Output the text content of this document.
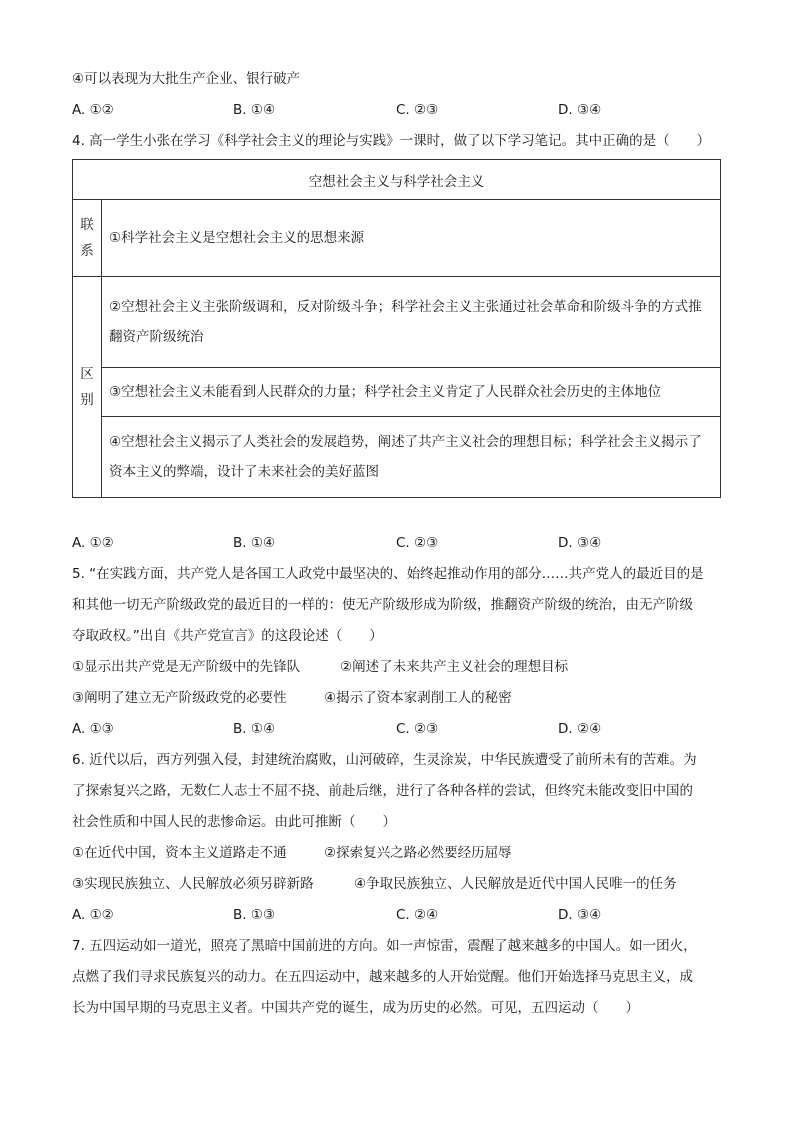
④可以表现为大批生产企业、银行破产
A. ①②	B. ①④	C. ②③	D. ③④
4. 高一学生小张在学习《科学社会主义的理论与实践》一课时，做了以下学习笔记。其中正确的是（　　）
空想社会主义与科学社会主义	
联系	①科学社会主义是空想社会主义的思想来源
区别	②空想社会主义主张阶级调和，反对阶级斗争；科学社会主义主张通过社会革命和阶级斗争的方式推翻资产阶级统治
	③空想社会主义未能看到人民群众的力量；科学社会主义肯定了人民群众社会历史的主体地位
	④空想社会主义揭示了人类社会的发展趋势，阐述了共产主义社会的理想目标；科学社会主义揭示了资本主义的弊端，设计了未来社会的美好蓝图
A. ①②	B. ①④	C. ②③	D. ③④
5. “在实践方面，共产党人是各国工人政党中最坚决的、始终起推动作用的部分……共产党人的最近目的是
和其他一切无产阶级政党的最近目的一样的：使无产阶级形成为阶级，推翻资产阶级的统治，由无产阶级
夺取政权。”出自《共产党宣言》的这段论述（　　）
①显示出共产党是无产阶级中的先锋队	②阐述了未来共产主义社会的理想目标
③阐明了建立无产阶级政党的必要性	④揭示了资本家剥削工人的秘密
A. ①③	B. ①④	C. ②③	D. ②④
6. 近代以后，西方列强入侵，封建统治腐败，山河破碎，生灵涂炭，中华民族遭受了前所未有的苦难。为
了探索复兴之路，无数仁人志士不屈不挠、前赴后继，进行了各种各样的尝试，但终究未能改变旧中国的
社会性质和中国人民的悲惨命运。由此可推断（　　）
①在近代中国，资本主义道路走不通	②探索复兴之路必然要经历屈辱
③实现民族独立、人民解放必须另辟新路	④争取民族独立、人民解放是近代中国人民唯一的任务
A. ①②	B. ①③	C. ②④	D. ③④
7. 五四运动如一道光，照亮了黑暗中国前进的方向。如一声惊雷，震醒了越来越多的中国人。如一团火，
点燃了我们寻求民族复兴的动力。在五四运动中，越来越多的人开始觉醒。他们开始选择马克思主义，成
长为中国早期的马克思主义者。中国共产党的诞生，成为历史的必然。可见，五四运动（　　）
